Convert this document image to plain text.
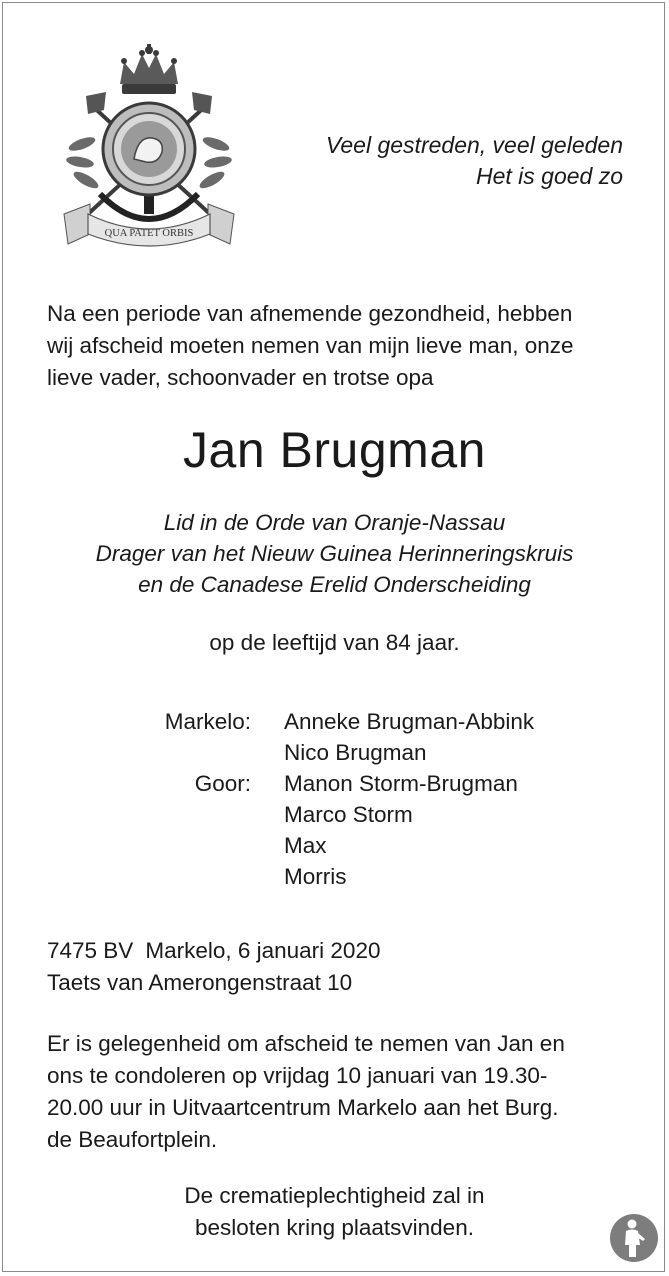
QUA PATET ORBIS
Veel gestreden, veel geleden
Het is goed zo
Na een periode van afnemende gezondheid, hebben
wij afscheid moeten nemen van mijn lieve man, onze
lieve vader, schoonvader en trotse opa
Jan Brugman
Lid in de Orde van Oranje-Nassau
Drager van het Nieuw Guinea Herinneringskruis
en de Canadese Erelid Onderscheiding
op de leeftijd van 84 jaar.
Markelo: Anneke Brugman-Abbink
Nico Brugman
Goor: Manon Storm-Brugman
Marco Storm
Max
Morris
7475 BV Markelo, 6 januari 2020
Taets van Amerongenstraat 10
Er is gelegenheid om afscheid te nemen van Jan en
ons te condoleren op vrijdag 10 januari van 19.30-
20.00 uur in Uitvaartcentrum Markelo aan het Burg.
de Beaufortplein.
De crematieplechtigheid zal in
besloten kring plaatsvinden.
